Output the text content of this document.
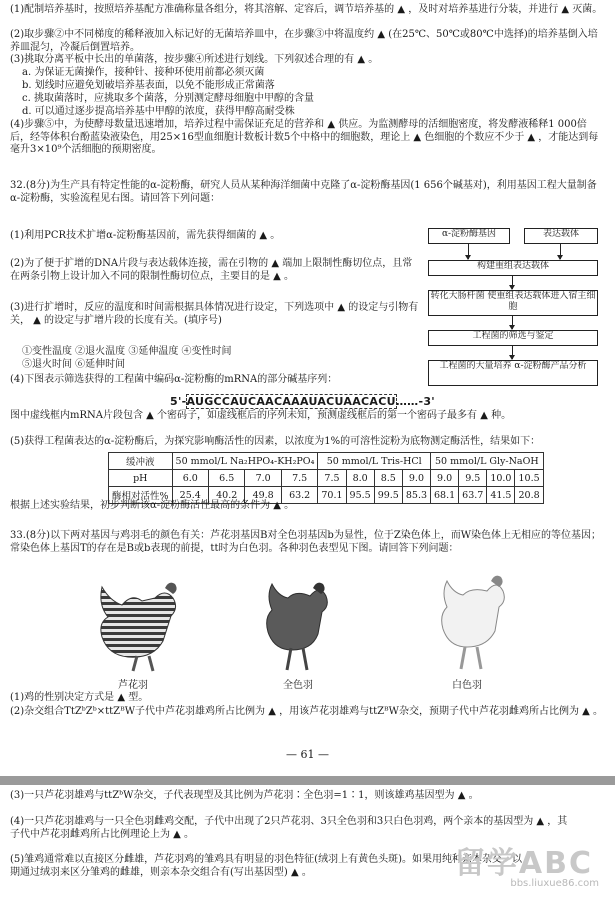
(1)配制培养基时，按照培养基配方准确称量各组分，将其溶解、定容后，调节培养基的 ▲ ，及时对培养基进行分装，并进行 ▲ 灭菌。

(2)取步骤②中不同梯度的稀释液加入标记好的无菌培养皿中，在步骤③中将温度约 ▲ (在25℃、50℃或80℃中选择)的培养基倒入培养皿混匀，冷凝后倒置培养。

(3)挑取分离平板中长出的单菌落，按步骤④所述进行划线。下列叙述合理的有 ▲ 。

a. 为保证无菌操作，接种针、接种环使用前都必须灭菌

b. 划线时应避免划破培养基表面，以免不能形成正常菌落

c. 挑取菌落时，应挑取多个菌落，分别测定酵母细胞中甲醇的含量

d. 可以通过逐步提高培养基中甲醇的浓度，获得甲醇高耐受株

(4)步骤⑤中，为使酵母数量迅速增加，培养过程中需保证充足的营养和 ▲ 供应。为监测酵母的活细胞密度，将发酵液稀释1 000倍后，经等体积台酚蓝染液染色，用25×16型血细胞计数板计数5个中格中的细胞数，理论上 ▲ 色细胞的个数应不少于 ▲ ，才能达到每毫升3×10⁹个活细胞的预期密度。

32.(8分)为生产具有特定性能的α-淀粉酶，研究人员从某种海洋细菌中克隆了α-淀粉酶基因(1 656个碱基对)，利用基因工程大量制备α-淀粉酶，实验流程见右图。请回答下列问题：

(1)利用PCR技术扩增α-淀粉酶基因前，需先获得细菌的 ▲ 。

(2)为了便于扩增的DNA片段与表达载体连接，需在引物的 ▲ 端加上限制性酶切位点，且常在两条引物上设计加入不同的限制性酶切位点，主要目的是 ▲ 。

(3)进行扩增时，反应的温度和时间需根据具体情况进行设定，下列选项中 ▲ 的设定与引物有关， ▲ 的设定与扩增片段的长度有关。(填序号)

①变性温度 ②退火温度 ③延伸温度 ④变性时间

⑤退火时间 ⑥延伸时间

(4)下图表示筛选获得的工程菌中编码α-淀粉酶的mRNA的部分碱基序列：

5'-AUGCCAUCAACAAAUACUAACACU……-3'

图中虚线框内mRNA片段包含 ▲ 个密码子，如虚线框后的序列未知，预测虚线框后的第一个密码子最多有 ▲ 种。

(5)获得工程菌表达的α-淀粉酶后，为探究影响酶活性的因素，以浓度为1%的可溶性淀粉为底物测定酶活性，结果如下：

缓冲液	50 mmol/L Na₂HPO₄-KH₂PO₄				50 mmol/L Tris-HCl				50 mmol/L Gly-NaOH			
pH	6.0	6.5	7.0	7.5	7.5	8.0	8.5	9.0	9.0	9.5	10.0	10.5
酶相对活性%	25.4	40.2	49.8	63.2	70.1	95.5	99.5	85.3	68.1	63.7	41.5	20.8

根据上述实验结果，初步判断该α-淀粉酶活性最高的条件为 ▲ 。

α-淀粉酶基因	表达载体
构建重组表达载体
转化大肠杆菌 使重组表达载体进入宿主细胞
工程菌的筛选与鉴定
工程菌的大量培养 α-淀粉酶产品分析

33.(8分)以下两对基因与鸡羽毛的颜色有关：芦花羽基因B对全色羽基因b为显性，位于Z染色体上，而W染色体上无相应的等位基因；常染色体上基因T的存在是B或b表现的前提，tt时为白色羽。各种羽色表型见下图。请回答下列问题：

芦花羽	全色羽	白色羽

(1)鸡的性别决定方式是 ▲ 型。

(2)杂交组合TtZᵇZᵇ×ttZᴮW子代中芦花羽雄鸡所占比例为 ▲ ，用该芦花羽雄鸡与ttZᴮW杂交，预期子代中芦花羽雌鸡所占比例为 ▲ 。

— 61 —

(3)一只芦花羽雄鸡与ttZᵇW杂交，子代表现型及其比例为芦花羽∶全色羽=1∶1，则该雄鸡基因型为 ▲ 。

(4)一只芦花羽雄鸡与一只全色羽雌鸡交配，子代中出现了2只芦花羽、3只全色羽和3只白色羽鸡，两个亲本的基因型为 ▲ ，其子代中芦花羽雌鸡所占比例理论上为 ▲ 。

(5)雏鸡通常难以直接区分雌雄，芦花羽鸡的雏鸡具有明显的羽色特征(绒羽上有黄色头斑)。如果用纯种亲本杂交，以期通过绒羽来区分雏鸡的雌雄，则亲本杂交组合有(写出基因型) ▲ 。	留学ABC
bbs.liuxue86.com
